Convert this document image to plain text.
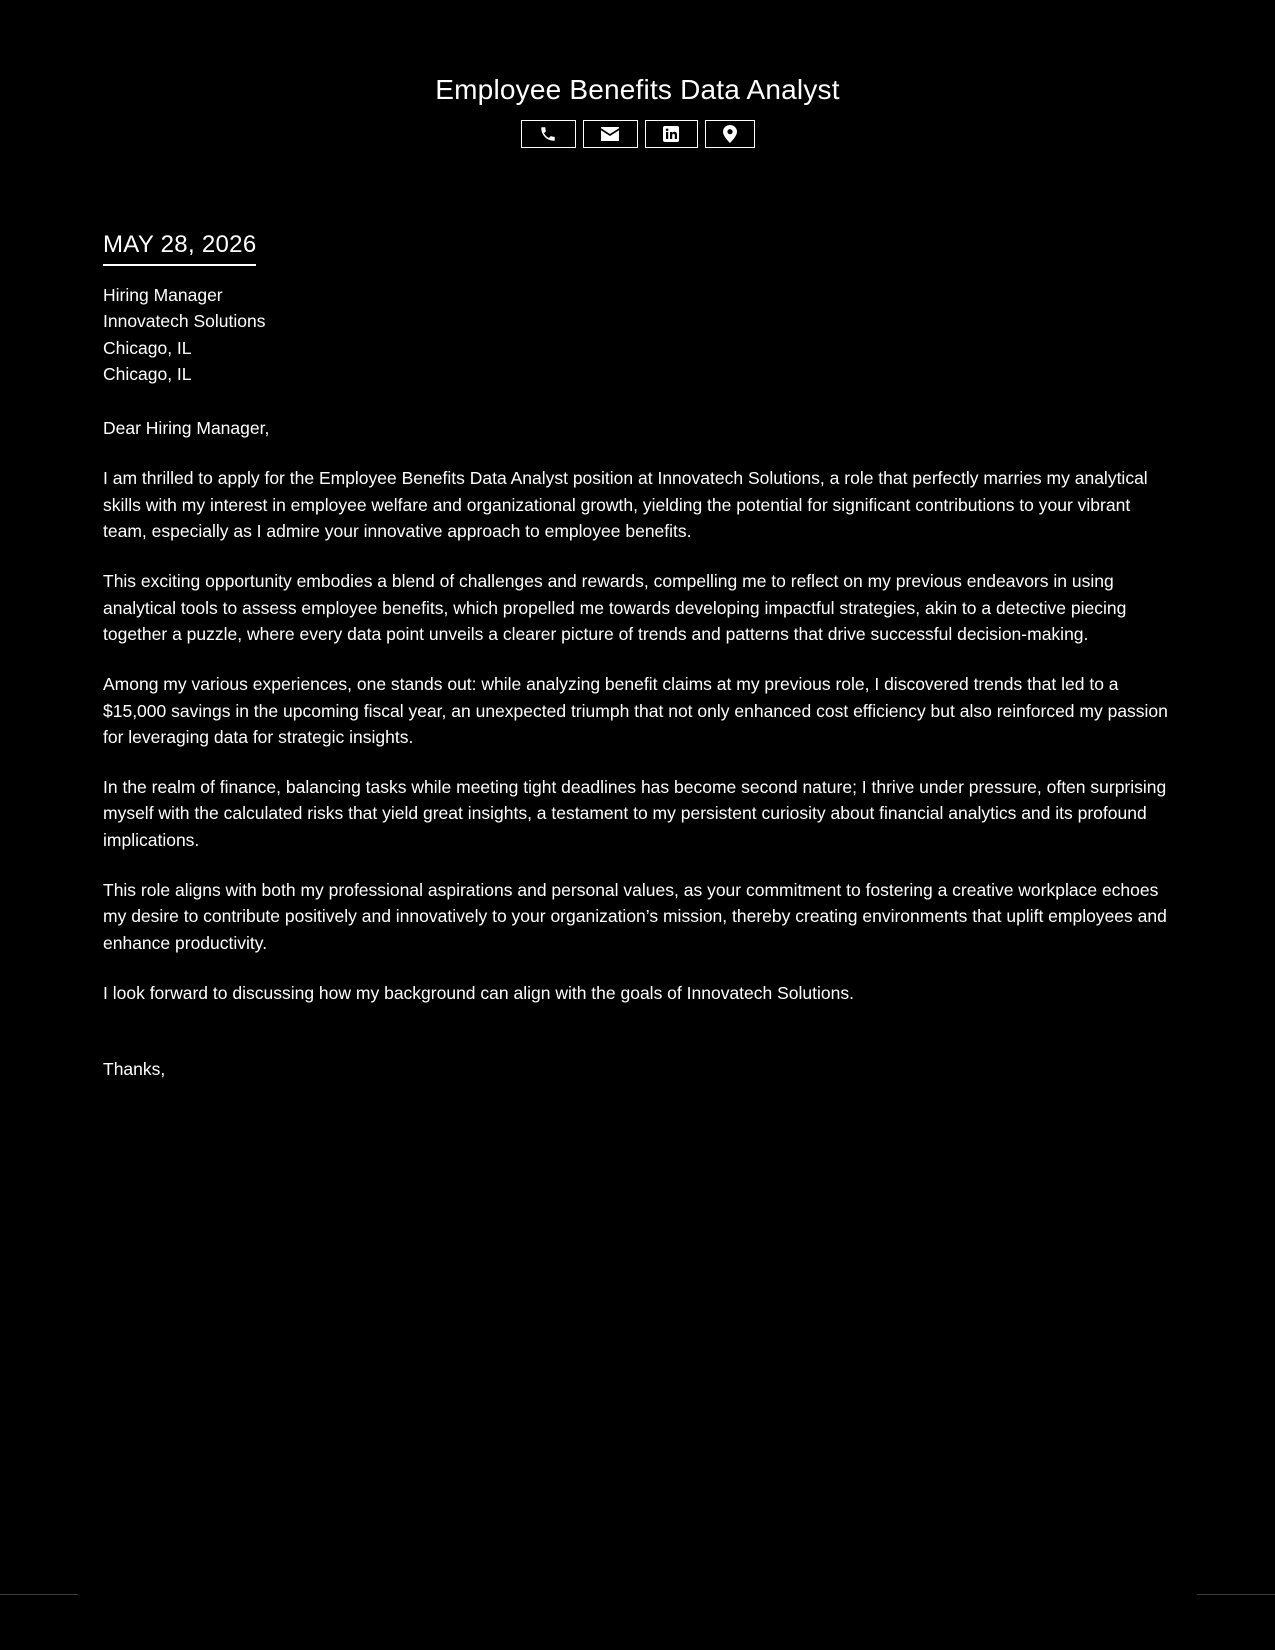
Employee Benefits Data Analyst
MAY 28, 2026
Hiring Manager
Innovatech Solutions
Chicago, IL
Chicago, IL
Dear Hiring Manager,

I am thrilled to apply for the Employee Benefits Data Analyst position at Innovatech Solutions, a role that perfectly marries my analytical skills with my interest in employee welfare and organizational growth, yielding the potential for significant contributions to your vibrant team, especially as I admire your innovative approach to employee benefits.

This exciting opportunity embodies a blend of challenges and rewards, compelling me to reflect on my previous endeavors in using analytical tools to assess employee benefits, which propelled me towards developing impactful strategies, akin to a detective piecing together a puzzle, where every data point unveils a clearer picture of trends and patterns that drive successful decision-making.

Among my various experiences, one stands out: while analyzing benefit claims at my previous role, I discovered trends that led to a $15,000 savings in the upcoming fiscal year, an unexpected triumph that not only enhanced cost efficiency but also reinforced my passion for leveraging data for strategic insights.

In the realm of finance, balancing tasks while meeting tight deadlines has become second nature; I thrive under pressure, often surprising myself with the calculated risks that yield great insights, a testament to my persistent curiosity about financial analytics and its profound implications.

This role aligns with both my professional aspirations and personal values, as your commitment to fostering a creative workplace echoes my desire to contribute positively and innovatively to your organization’s mission, thereby creating environments that uplift employees and enhance productivity.

I look forward to discussing how my background can align with the goals of Innovatech Solutions.

Thanks,
